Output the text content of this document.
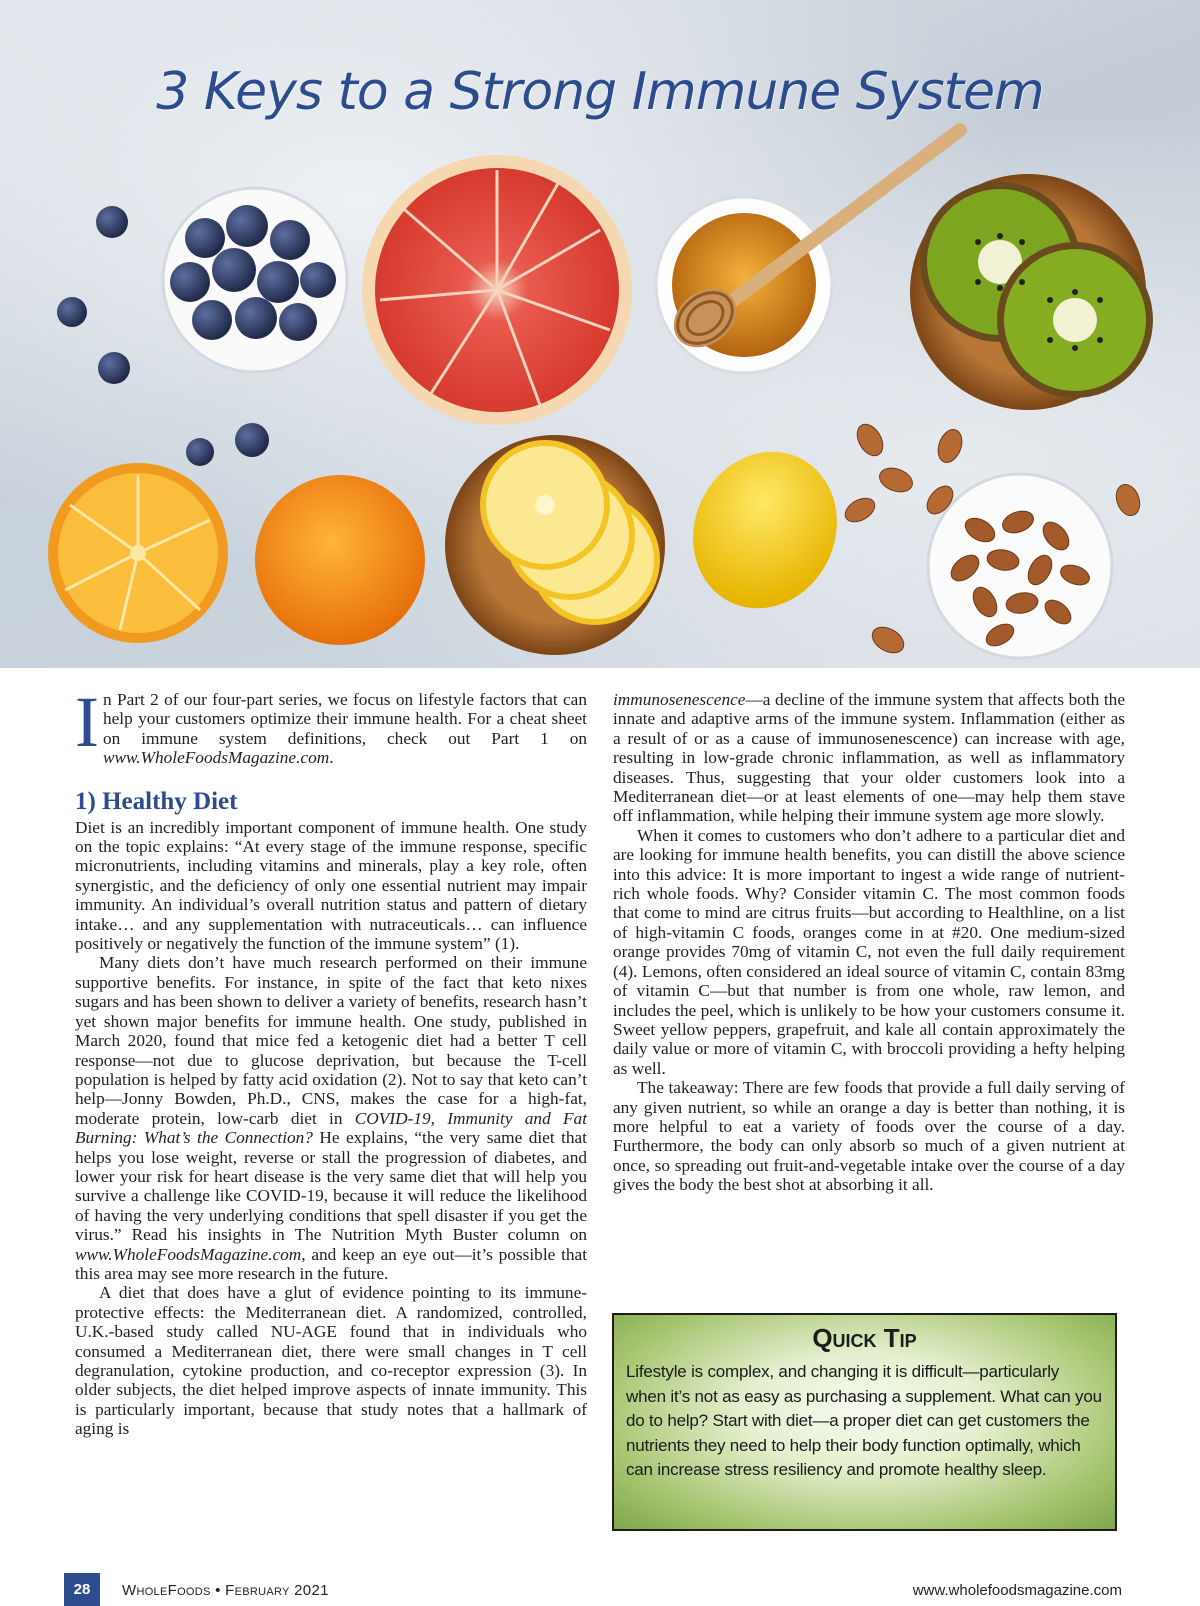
3 Keys to a Strong Immune System

In Part 2 of our four-part series, we focus on lifestyle factors that can help your customers optimize their immune health. For a cheat sheet on immune system definitions, check out Part 1 on www.WholeFoodsMagazine.com.

1) Healthy Diet

Diet is an incredibly important component of immune health. One study on the topic explains: “At every stage of the immune response, specific micronutrients, including vitamins and minerals, play a key role, often synergistic, and the deficiency of only one essential nutrient may impair immunity. An individual’s overall nutrition status and pattern of dietary intake… and any supplementation with nutraceuticals… can influence positively or negatively the function of the immune system” (1).

Many diets don’t have much research performed on their immune supportive benefits. For instance, in spite of the fact that keto nixes sugars and has been shown to deliver a variety of benefits, research hasn’t yet shown major benefits for immune health. One study, published in March 2020, found that mice fed a ketogenic diet had a better T cell response—not due to glucose deprivation, but because the T-cell population is helped by fatty acid oxidation (2). Not to say that keto can’t help—Jonny Bowden, Ph.D., CNS, makes the case for a high-fat, moderate protein, low-carb diet in COVID-19, Immunity and Fat Burning: What’s the Connection? He explains, “the very same diet that helps you lose weight, reverse or stall the progression of diabetes, and lower your risk for heart disease is the very same diet that will help you survive a challenge like COVID-19, because it will reduce the likelihood of having the very underlying conditions that spell disaster if you get the virus.” Read his insights in The Nutrition Myth Buster column on www.WholeFoodsMagazine.com, and keep an eye out—it’s possible that this area may see more research in the future.

A diet that does have a glut of evidence pointing to its immune-protective effects: the Mediterranean diet. A randomized, controlled, U.K.-based study called NU-AGE found that in individuals who consumed a Mediterranean diet, there were small changes in T cell degranulation, cytokine production, and co-receptor expression (3). In older subjects, the diet helped improve aspects of innate immunity. This is particularly important, because that study notes that a hallmark of aging is

immunosenescence—a decline of the immune system that affects both the innate and adaptive arms of the immune system. Inflammation (either as a result of or as a cause of immunosenescence) can increase with age, resulting in low-grade chronic inflammation, as well as inflammatory diseases. Thus, suggesting that your older customers look into a Mediterranean diet—or at least elements of one—may help them stave off inflammation, while helping their immune system age more slowly.

When it comes to customers who don’t adhere to a particular diet and are looking for immune health benefits, you can distill the above science into this advice: It is more important to ingest a wide range of nutrient-rich whole foods. Why? Consider vitamin C. The most common foods that come to mind are citrus fruits—but according to Healthline, on a list of high-vitamin C foods, oranges come in at #20. One medium-sized orange provides 70mg of vitamin C, not even the full daily requirement (4). Lemons, often considered an ideal source of vitamin C, contain 83mg of vitamin C—but that number is from one whole, raw lemon, and includes the peel, which is unlikely to be how your customers consume it. Sweet yellow peppers, grapefruit, and kale all contain approximately the daily value or more of vitamin C, with broccoli providing a hefty helping as well.

The takeaway: There are few foods that provide a full daily serving of any given nutrient, so while an orange a day is better than nothing, it is more helpful to eat a variety of foods over the course of a day. Furthermore, the body can only absorb so much of a given nutrient at once, so spreading out fruit-and-vegetable intake over the course of a day gives the body the best shot at absorbing it all.

Quick Tip
Lifestyle is complex, and changing it is difficult—particularly when it’s not as easy as purchasing a supplement. What can you do to help? Start with diet—a proper diet can get customers the nutrients they need to help their body function optimally, which can increase stress resiliency and promote healthy sleep.
28	WholeFoods • February 2021	www.wholefoodsmagazine.com
